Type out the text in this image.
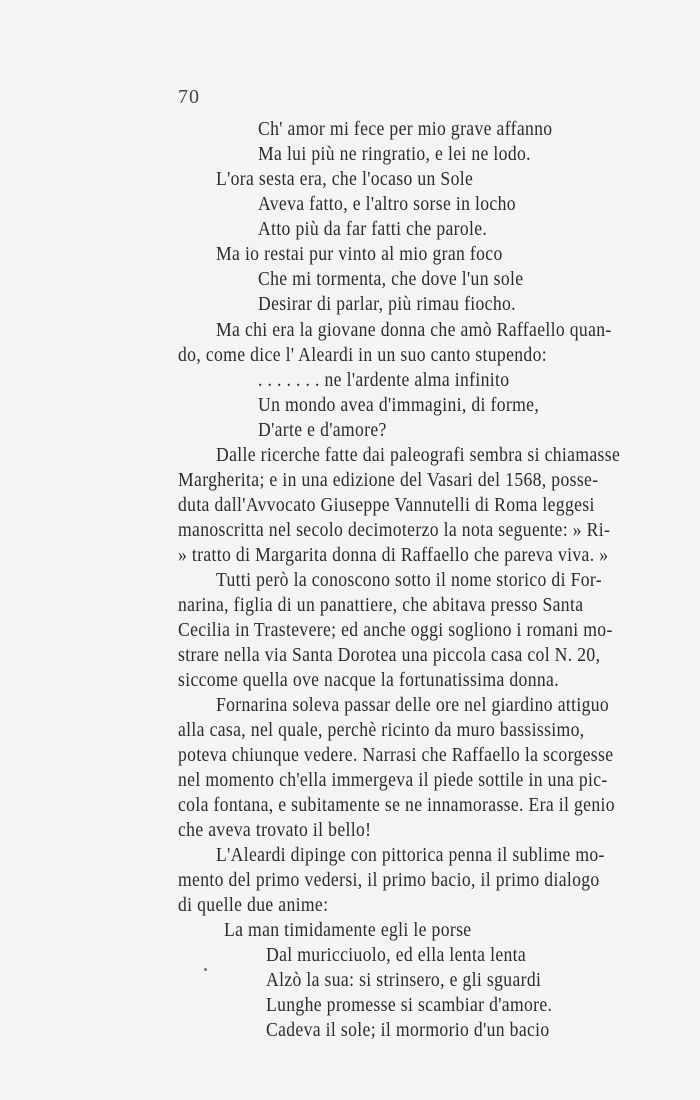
70
Ch' amor mi fece per mio grave affanno
Ma lui più ne ringratio, e lei ne lodo.
L'ora sesta era, che l'ocaso un Sole
Aveva fatto, e l'altro sorse in locho
Atto più da far fatti che parole.
Ma io restai pur vinto al mio gran foco
Che mi tormenta, che dove l'un sole
Desirar di parlar, più rimau fiocho.
Ma chi era la giovane donna che amò Raffaello quan-
do, come dice l' Aleardi in un suo canto stupendo:
. . . . . . . ne l'ardente alma infinito
Un mondo avea d'immagini, di forme,
D'arte e d'amore?
Dalle ricerche fatte dai paleografi sembra si chiamasse
Margherita; e in una edizione del Vasari del 1568, posse-
duta dall'Avvocato Giuseppe Vannutelli di Roma leggesi
manoscritta nel secolo decimoterzo la nota seguente: » Ri-
» tratto di Margarita donna di Raffaello che pareva viva. »
Tutti però la conoscono sotto il nome storico di For-
narina, figlia di un panattiere, che abitava presso Santa
Cecilia in Trastevere; ed anche oggi sogliono i romani mo-
strare nella via Santa Dorotea una piccola casa col N. 20,
siccome quella ove nacque la fortunatissima donna.
Fornarina soleva passar delle ore nel giardino attiguo
alla casa, nel quale, perchè ricinto da muro bassissimo,
poteva chiunque vedere. Narrasi che Raffaello la scorgesse
nel momento ch'ella immergeva il piede sottile in una pic-
cola fontana, e subitamente se ne innamorasse. Era il genio
che aveva trovato il bello!
L'Aleardi dipinge con pittorica penna il sublime mo-
mento del primo vedersi, il primo bacio, il primo dialogo
di quelle due anime:
La man timidamente egli le porse
Dal muricciuolo, ed ella lenta lenta
Alzò la sua: si strinsero, e gli sguardi
Lunghe promesse si scambiar d'amore.
Cadeva il sole; il mormorio d'un bacio
